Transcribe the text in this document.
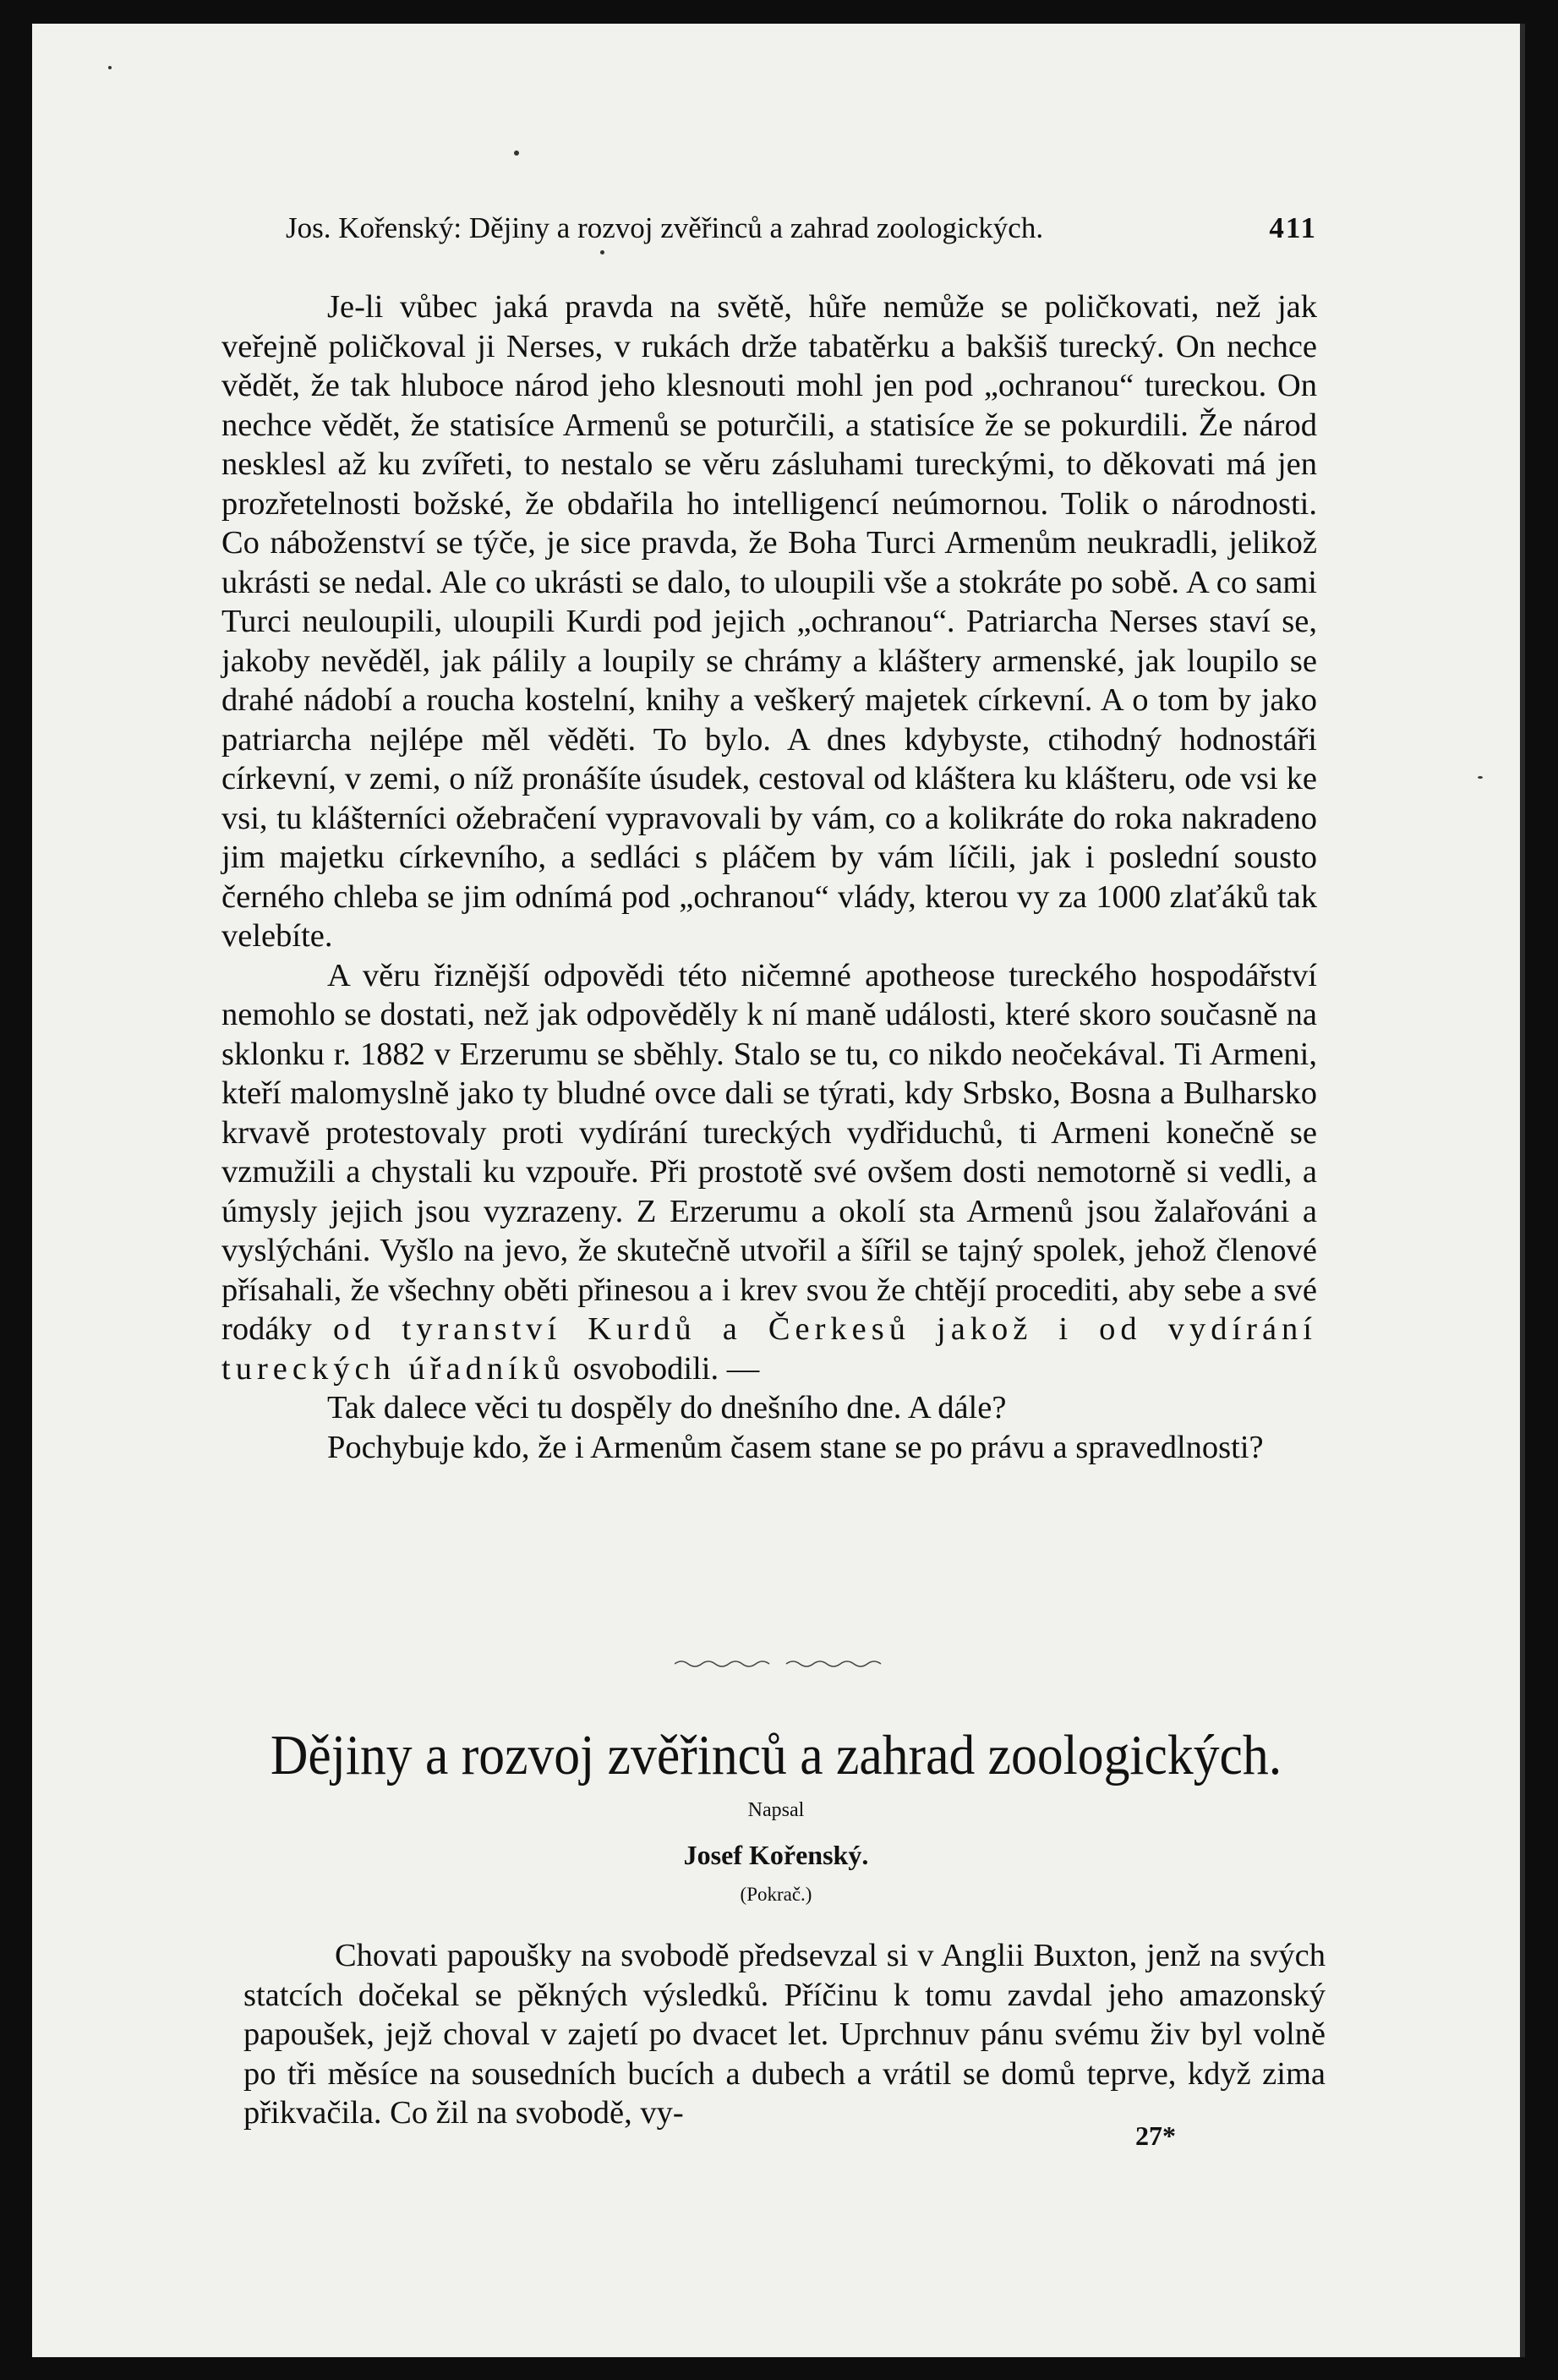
Jos. Kořenský: Dějiny a rozvoj zvěřinců a zahrad zoologických.	411

Je-li vůbec jaká pravda na světě, hůře nemůže se poličkovati, než jak veřejně poličkoval ji Nerses, v rukách drže tabatěrku a bakšiš turecký. On nechce vědět, že tak hluboce národ jeho klesnouti mohl jen pod „ochranou“ tureckou. On nechce vědět, že statisíce Armenů se poturčili, a statisíce že se pokurdili. Že národ nesklesl až ku zvířeti, to nestalo se věru zásluhami tureckými, to děkovati má jen prozřetelnosti božské, že obdařila ho intelligencí neúmornou. Tolik o národnosti. Co náboženství se týče, je sice pravda, že Boha Turci Armenům neukradli, jelikož ukrásti se nedal. Ale co ukrásti se dalo, to uloupili vše a stokráte po sobě. A co sami Turci neuloupili, uloupili Kurdi pod jejich „ochranou“. Patriarcha Nerses staví se, jakoby nevěděl, jak pálily a loupily se chrámy a kláštery armenské, jak loupilo se drahé nádobí a roucha kostelní, knihy a veškerý majetek církevní. A o tom by jako patriarcha nejlépe měl věděti. To bylo. A dnes kdybyste, ctihodný hodnostáři církevní, v zemi, o níž pronášíte úsudek, cestoval od kláštera ku klášteru, ode vsi ke vsi, tu klášterníci ožebračení vypravovali by vám, co a kolikráte do roka nakradeno jim majetku církevního, a sedláci s pláčem by vám líčili, jak i poslední sousto černého chleba se jim odnímá pod „ochranou“ vlády, kterou vy za 1000 zlaťáků tak velebíte.

A věru řiznější odpovědi této ničemné apotheose tureckého hospodářství nemohlo se dostati, než jak odpověděly k ní maně události, které skoro současně na sklonku r. 1882 v Erzerumu se sběhly. Stalo se tu, co nikdo neočekával. Ti Armeni, kteří malomyslně jako ty bludné ovce dali se týrati, kdy Srbsko, Bosna a Bulharsko krvavě protestovaly proti vydírání tureckých vydřiduchů, ti Armeni konečně se vzmužili a chystali ku vzpouře. Při prostotě své ovšem dosti nemotorně si vedli, a úmysly jejich jsou vyzrazeny. Z Erzerumu a okolí sta Armenů jsou žalařováni a vyslýcháni. Vyšlo na jevo, že skutečně utvořil a šířil se tajný spolek, jehož členové přísahali, že všechny oběti přinesou a i krev svou že chtějí procediti, aby sebe a své rodáky od tyranství Kurdů a Čerkesů jakož i od vydírání tureckých úřadníků osvobodili. —

Tak dalece věci tu dospěly do dnešního dne. A dále?

Pochybuje kdo, že i Armenům časem stane se po právu a spravedlnosti?

Dějiny a rozvoj zvěřinců a zahrad zoologických.
Napsal
Josef Kořenský.
(Pokrač.)

Chovati papoušky na svobodě předsevzal si v Anglii Buxton, jenž na svých statcích dočekal se pěkných výsledků. Příčinu k tomu zavdal jeho amazonský papoušek, jejž choval v zajetí po dvacet let. Uprchnuv pánu svému živ byl volně po tři měsíce na sousedních bucích a dubech a vrátil se domů teprve, když zima přikvačila. Co žil na svobodě, vy-

27*
